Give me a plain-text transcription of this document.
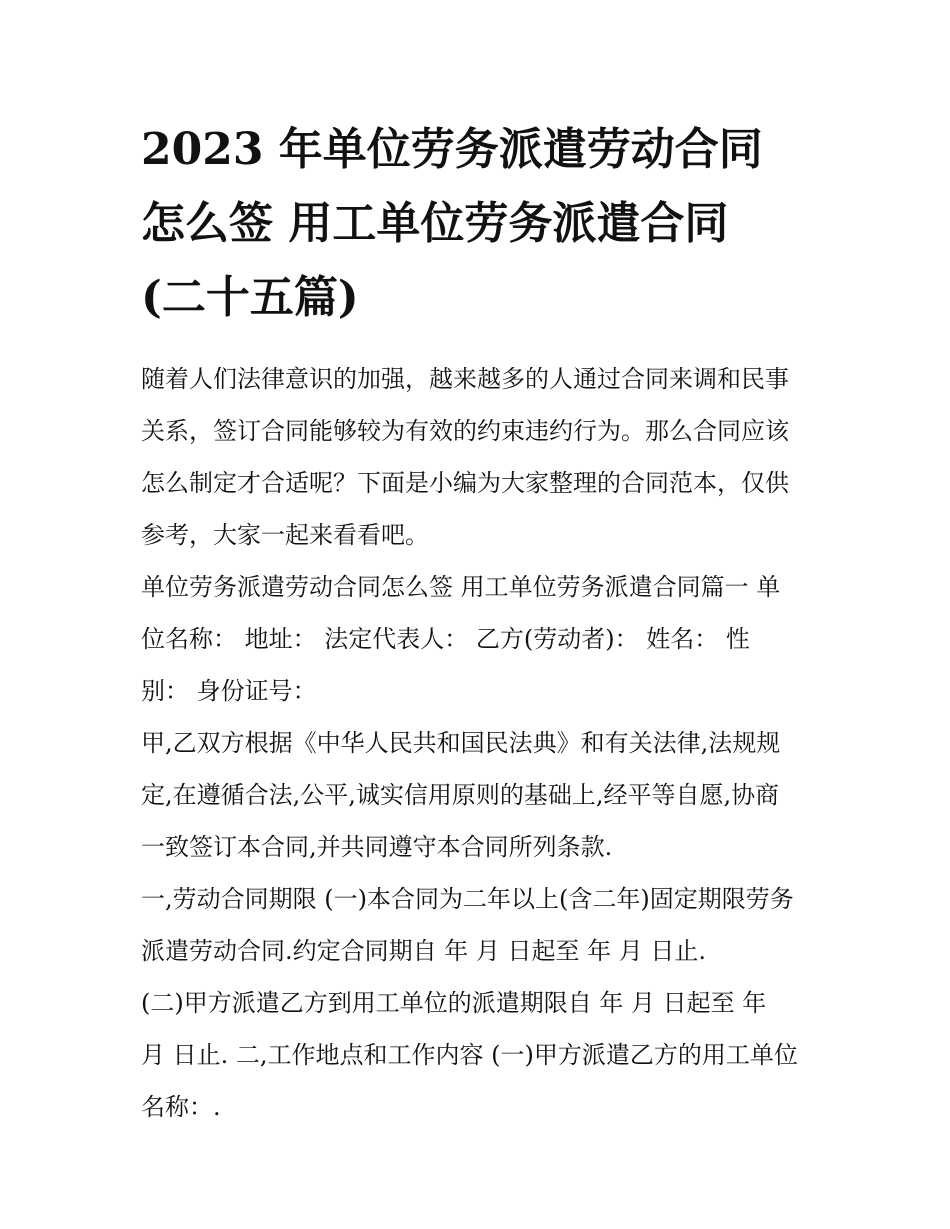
2023 年单位劳务派遣劳动合同
怎么签 用工单位劳务派遣合同
(二十五篇)
随着人们法律意识的加强，越来越多的人通过合同来调和民事
关系，签订合同能够较为有效的约束违约行为。那么合同应该
怎么制定才合适呢？下面是小编为大家整理的合同范本，仅供
参考，大家一起来看看吧。
单位劳务派遣劳动合同怎么签 用工单位劳务派遣合同篇一 单
位名称： 地址： 法定代表人： 乙方(劳动者)： 姓名： 性
别： 身份证号：
甲,乙双方根据《中华人民共和国民法典》和有关法律,法规规
定,在遵循合法,公平,诚实信用原则的基础上,经平等自愿,协商
一致签订本合同,并共同遵守本合同所列条款.
一,劳动合同期限 (一)本合同为二年以上(含二年)固定期限劳务
派遣劳动合同.约定合同期自 年 月 日起至 年 月 日止.
(二)甲方派遣乙方到用工单位的派遣期限自 年 月 日起至 年
月 日止. 二,工作地点和工作内容 (一)甲方派遣乙方的用工单位
名称：.
